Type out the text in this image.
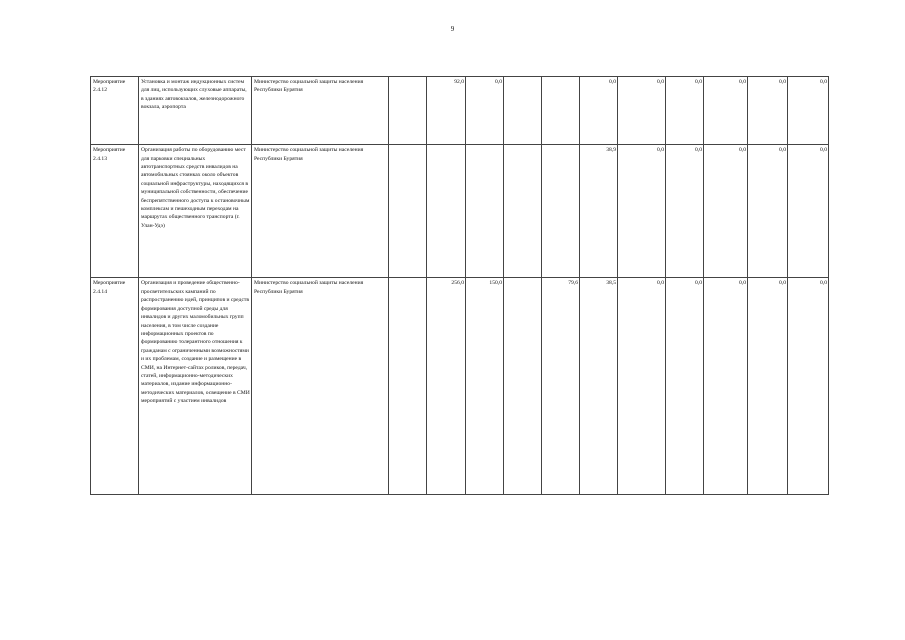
9
Мероприятие 2.4.12	Установка и монтаж индукционных систем для лиц, использующих слуховые аппараты, в зданиях автовокзалов, железнодорожного вокзала, аэропорта	Министерство социальной защиты населения Республики Бурятия		92,0	0,0			0,0	0,0	0,0	0,0	0,0	0,0
Мероприятие 2.4.13	Организация работы по оборудованию мест для парковки специальных автотранспортных средств инвалидов на автомобильных стоянках около объектов социальной инфраструктуры, находящихся в муниципальной собственности, обеспечение беспрепятственного доступа к остановочным комплексам и пешеходным переходам на маршрутах общественного транспорта (г. Улан-Удэ)	Министерство социальной защиты населения Республики Бурятия						38,9	0,0	0,0	0,0	0,0	0,0
Мероприятие 2.4.14	Организация и проведение общественно-просветительских кампаний по распространению идей, принципов и средств формирования доступной среды для инвалидов и других маломобильных групп населения, в том числе создание информационных проектов по формированию толерантного отношения к гражданам с ограниченными возможностями и их проблемам, создание и размещение в СМИ, на Интернет-сайтах роликов, передач, статей, информационно-методических материалов, издание информационно-методических материалов, освещение в СМИ мероприятий с участием инвалидов	Министерство социальной защиты населения Республики Бурятия		256,0	150,0		79,6	38,5	0,0	0,0	0,0	0,0	0,0
